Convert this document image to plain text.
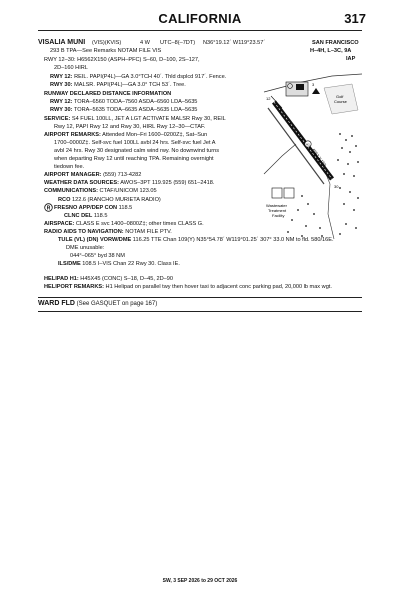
CALIFORNIA	317
VISALIA MUNI (VIS)(KVIS)	4 W UTC–8(–7DT) N36°19.12´ W119°23.57´	SAN FRANCISCO
H–4H, L–3C, 9A
IAP
293 B TPA—See Remarks NOTAM FILE VIS
RWY 12–30: H6562X150 (ASPH–PFC) S–60, D–100, 2S–127,
2D–160 HIRL
RWY 12: REIL. PAPI(P4L)—GA 3.0°TCH 40´. Thld dsplcd 917´. Fence.
RWY 30: MALSR. PAPI(P4L)—GA 3.0° TCH 53´. Tree.
RUNWAY DECLARED DISTANCE INFORMATION
RWY 12: TORA–6560 TODA–7560 ASDA–6560 LDA–5635
RWY 30: TORA–5635 TODA–6635 ASDA–5635 LDA–5635
SERVICE: S4 FUEL 100LL, JET A LGT ACTIVATE MALSR Rwy 30, REIL
Rwy 12, PAPI Rwy 12 and Rwy 30, HIRL Rwy 12–30—CTAF.
AIRPORT REMARKS: Attended Mon–Fri 1600–0200Z‡, Sat–Sun
1700–0000Z‡. Self-svc fuel 100LL avbl 24 hrs. Self-svc fuel Jet A
avbl 24 hrs. Rwy 30 designated calm wind rwy. No downwind turns
when departing Rwy 12 until reaching TPA. Remaining overnight
tiedown fee.
AIRPORT MANAGER: (559) 713-4282
WEATHER DATA SOURCES: AWOS–3PT 119.925 (559) 651–2418.
COMMUNICATIONS: CTAF/UNICOM 123.05
RCO 122.6 (RANCHO MURIETA RADIO)
R FRESNO APP/DEP CON 118.5
CLNC DEL 118.5
AIRSPACE: CLASS E svc 1400–0800Z‡; other times CLASS G.
RADIO AIDS TO NAVIGATION: NOTAM FILE PTV.
TULE (VL) (DN) VORW/DME 116.25 TTE Chan 109(Y) N35°54.78´ W119°01.25´ 307° 33.0 NM to fld. 580/16E.
DME unusable:
044°–065° byd 38 NM
ILS/DME 108.5 I–VIS Chan 22 Rwy 30. Class IE.
HELIPAD H1: H45X45 (CONC) S–18, D–45, 2D–90
HELIPORT REMARKS: H1 Helipad on parallel twy then hover taxi to adjacent conc parking pad, 20,000 lb max wgt.
6562 X 150
3
Golf
Course
Wastewater
Treatment
Facility
12
30
H1
WARD FLD (See GASQUET on page 167)
SW, 3 SEP 2026 to 29 OCT 2026
